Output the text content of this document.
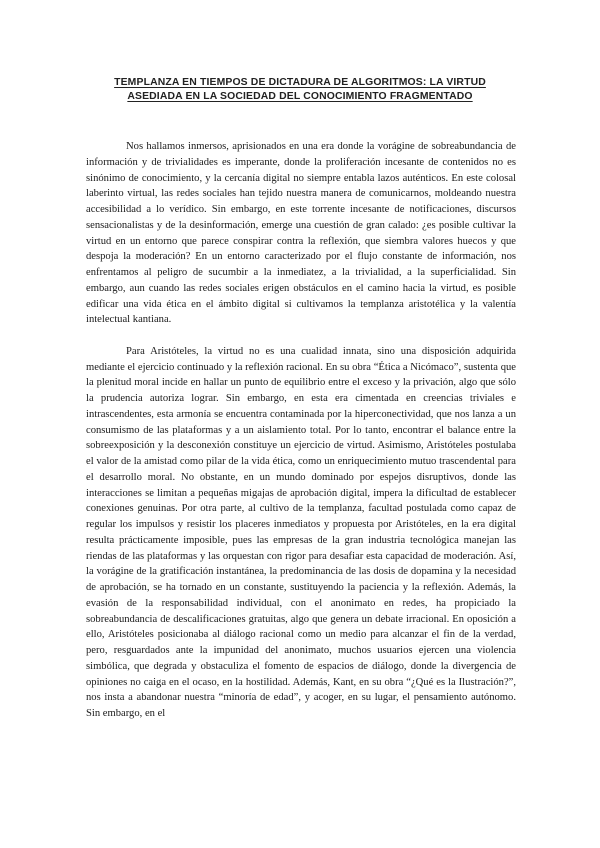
TEMPLANZA EN TIEMPOS DE DICTADURA DE ALGORITMOS: LA VIRTUD
ASEDIADA EN LA SOCIEDAD DEL CONOCIMIENTO FRAGMENTADO

Nos hallamos inmersos, aprisionados en una era donde la vorágine de sobreabundancia de información y de trivialidades es imperante, donde la proliferación incesante de contenidos no es sinónimo de conocimiento, y la cercanía digital no siempre entabla lazos auténticos. En este colosal laberinto virtual, las redes sociales han tejido nuestra manera de comunicarnos, moldeando nuestra accesibilidad a lo verídico. Sin embargo, en este torrente incesante de notificaciones, discursos sensacionalistas y de la desinformación, emerge una cuestión de gran calado: ¿es posible cultivar la virtud en un entorno que parece conspirar contra la reflexión, que siembra valores huecos y que despoja la moderación? En un entorno caracterizado por el flujo constante de información, nos enfrentamos al peligro de sucumbir a la inmediatez, a la trivialidad, a la superficialidad. Sin embargo, aun cuando las redes sociales erigen obstáculos en el camino hacia la virtud, es posible edificar una vida ética en el ámbito digital si cultivamos la templanza aristotélica y la valentía intelectual kantiana.

Para Aristóteles, la virtud no es una cualidad innata, sino una disposición adquirida mediante el ejercicio continuado y la reflexión racional. En su obra “Ética a Nicómaco”, sustenta que la plenitud moral incide en hallar un punto de equilibrio entre el exceso y la privación, algo que sólo la prudencia autoriza lograr. Sin embargo, en esta era cimentada en creencias triviales e intrascendentes, esta armonía se encuentra contaminada por la hiperconectividad, que nos lanza a un consumismo de las plataformas y a un aislamiento total. Por lo tanto, encontrar el balance entre la sobreexposición y la desconexión constituye un ejercicio de virtud. Asimismo, Aristóteles postulaba el valor de la amistad como pilar de la vida ética, como un enriquecimiento mutuo trascendental para el desarrollo moral. No obstante, en un mundo dominado por espejos disruptivos, donde las interacciones se limitan a pequeñas migajas de aprobación digital, impera la dificultad de establecer conexiones genuinas. Por otra parte, al cultivo de la templanza, facultad postulada como capaz de regular los impulsos y resistir los placeres inmediatos y propuesta por Aristóteles, en la era digital resulta prácticamente imposible, pues las empresas de la gran industria tecnológica manejan las riendas de las plataformas y las orquestan con rigor para desafiar esta capacidad de moderación. Así, la vorágine de la gratificación instantánea, la predominancia de las dosis de dopamina y la necesidad de aprobación, se ha tornado en un constante, sustituyendo la paciencia y la reflexión. Además, la evasión de la responsabilidad individual, con el anonimato en redes, ha propiciado la sobreabundancia de descalificaciones gratuitas, algo que genera un debate irracional. En oposición a ello, Aristóteles posicionaba al diálogo racional como un medio para alcanzar el fin de la verdad, pero, resguardados ante la impunidad del anonimato, muchos usuarios ejercen una violencia simbólica, que degrada y obstaculiza el fomento de espacios de diálogo, donde la divergencia de opiniones no caiga en el ocaso, en la hostilidad. Además, Kant, en su obra “¿Qué es la Ilustración?”, nos insta a abandonar nuestra “minoría de edad”, y acoger, en su lugar, el pensamiento autónomo. Sin embargo, en el
